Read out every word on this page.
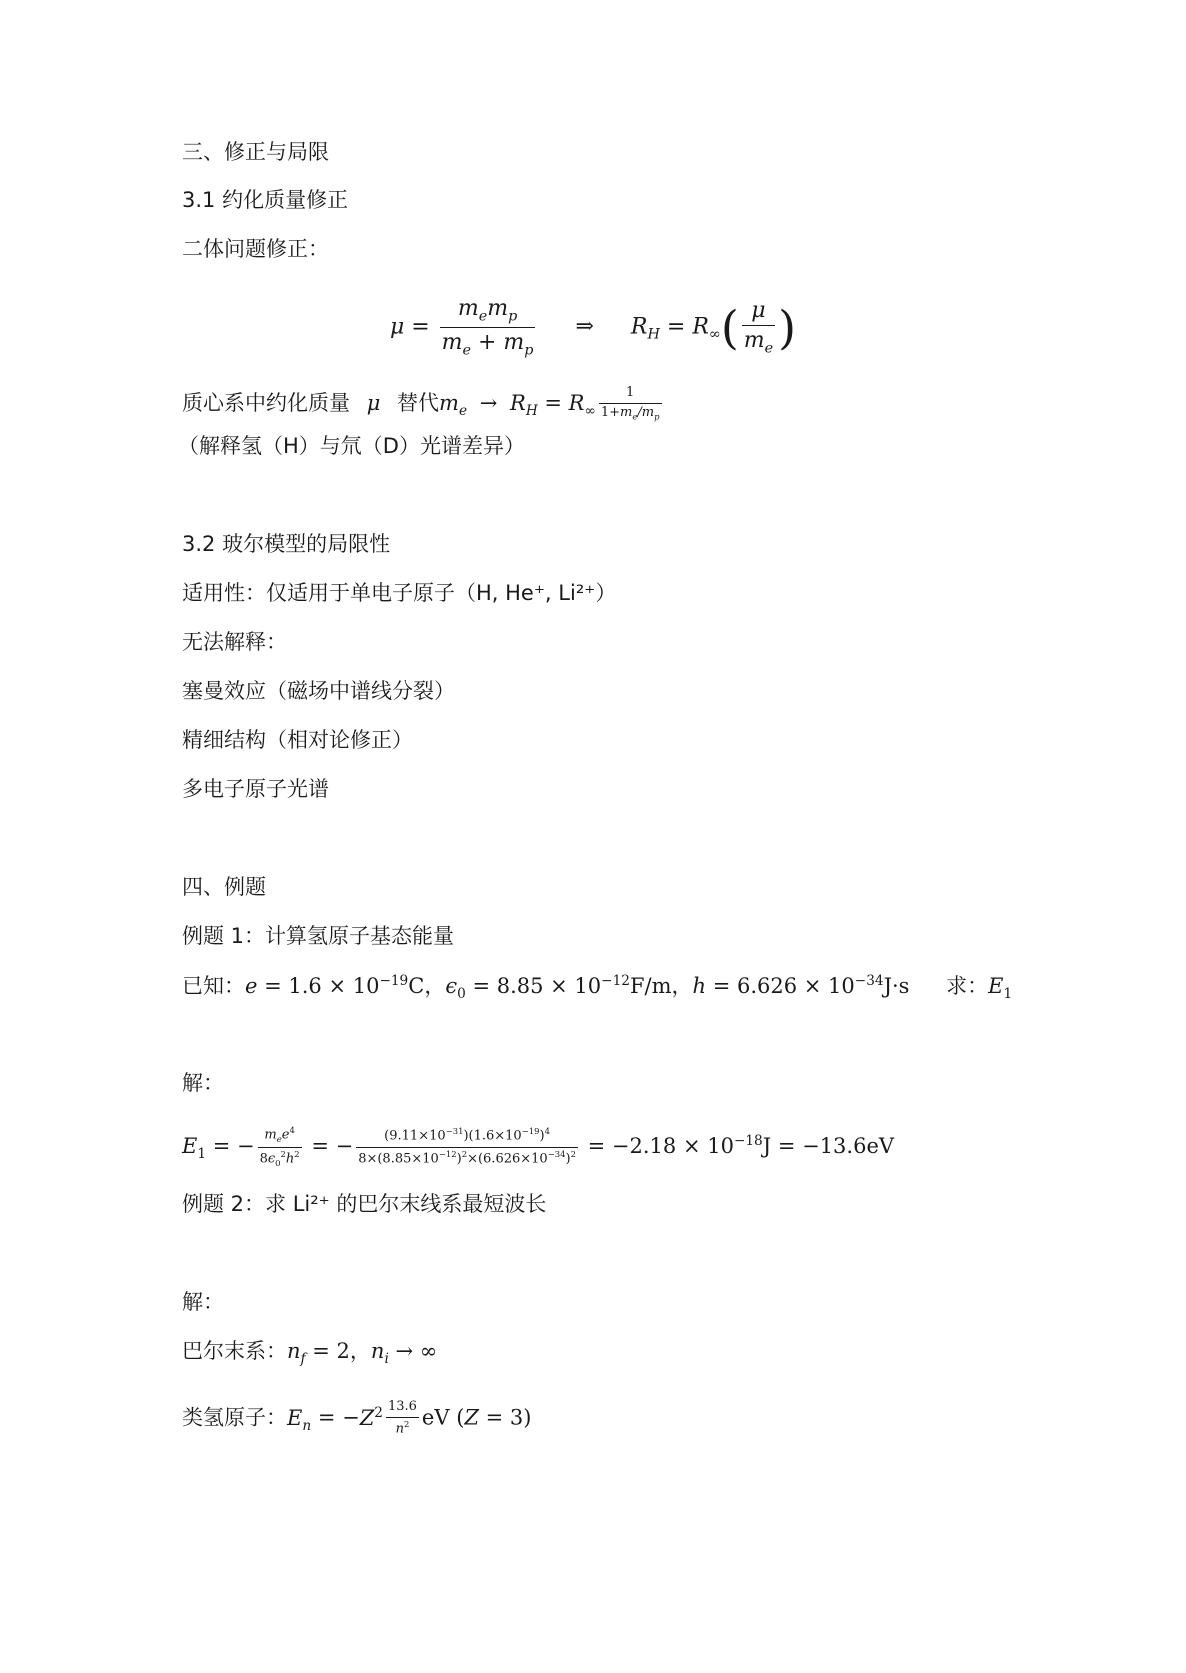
三、修正与局限
3.1 约化质量修正
二体问题修正：
$\mu = \frac{m_em_p}{m_e + m_p}$ ⇒ $R_H = R_\infty( \frac{\mu}{m_e}$ )
质心系中约化质量 μ 替代$m_e \to R_H = R_\infty \frac{1}{1+m_e/m_p}$
（解释氢（H）与氘（D）光谱差异）
3.2 玻尔模型的局限性
适用性：仅适用于单电子原子（H, He⁺, Li²⁺）
无法解释：
塞曼效应（磁场中谱线分裂）
精细结构（相对论修正）
多电子原子光谱
四、例题
例题 1：计算氢原子基态能量
已知：$e = 1.6 \times 10^{-19}C$，$\epsilon_0 = 8.85 \times 10^{-12}F/m$，$h = 6.626 \times 10^{-34}J\cdot s$ 求：$E_1$
解：
$E_1$ = − $\frac{m_ee^4}{8\epsilon_0^2h^2}$ = − $\frac{(9.11\times 10^{-31})(1.6\times 10^{-19})^4}{8\times(8.85\times 10^{-12})^2\times(6.626\times 10^{-34})^2} = -2.18 \times 10^{-18}J = -13.6eV$
例题 2：求 Li²⁺ 的巴尔末线系最短波长
解：
巴尔末系：$n_f = 2$，$n_i$ → ∞
类氢原子：$E_n = -Z^2 \frac{13.6}{n^2}$ eV (Z = 3)
